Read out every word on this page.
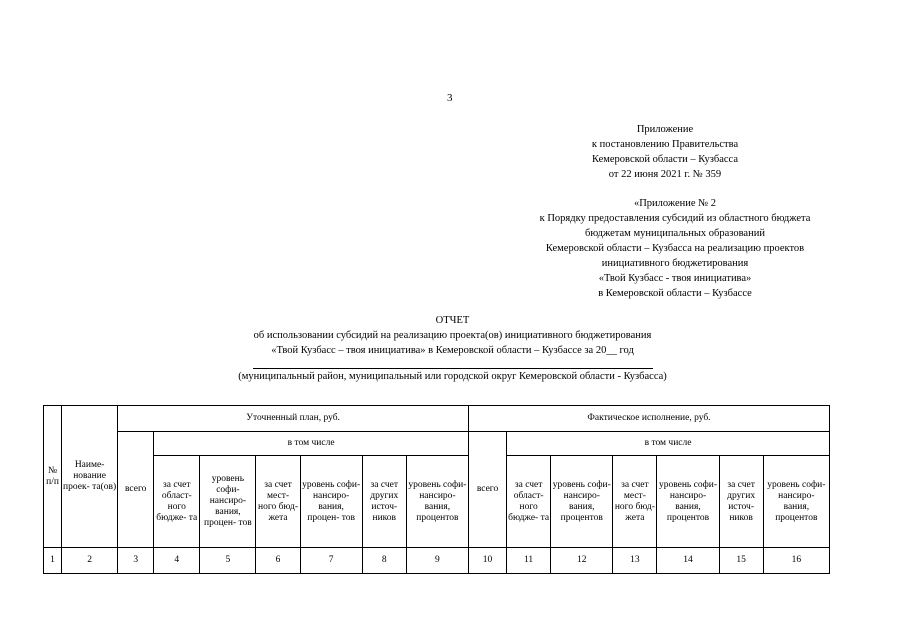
3
Приложение
к постановлению Правительства
Кемеровской области – Кузбасса
от 22 июня 2021 г. № 359
«Приложение № 2
к Порядку предоставления субсидий из областного бюджета
бюджетам муниципальных образований
Кемеровской области – Кузбасса на реализацию проектов
инициативного бюджетирования
«Твой Кузбасс - твоя инициатива»
в Кемеровской области – Кузбассе
ОТЧЕТ
об использовании субсидий на реализацию проекта(ов) инициативного бюджетирования
«Твой Кузбасс – твоя инициатива» в Кемеровской области – Кузбассе за 20__ год
(муниципальный район, муниципальный или городской округ Кемеровской области - Кузбасса)
№ п/п	Наиме- нование проек- та(ов)	Уточненный план, руб.							Фактическое исполнение, руб.						
		всего	в том числе						всего	в том числе					
			за счет област- ного бюдже- та	уровень софи- нансиро- вания, процен- тов	за счет мест- ного бюд- жета	уровень софи- нансиро- вания, процен- тов	за счет других источ- ников	уровень софи- нансиро- вания, процентов		за счет област- ного бюдже- та	уровень софи- нансиро- вания, процентов	за счет мест- ного бюд- жета	уровень софи- нансиро- вания, процентов	за счет других источ- ников	уровень софи- нансиро- вания, процентов
1	2	3	4	5	6	7	8	9	10	11	12	13	14	15	16
